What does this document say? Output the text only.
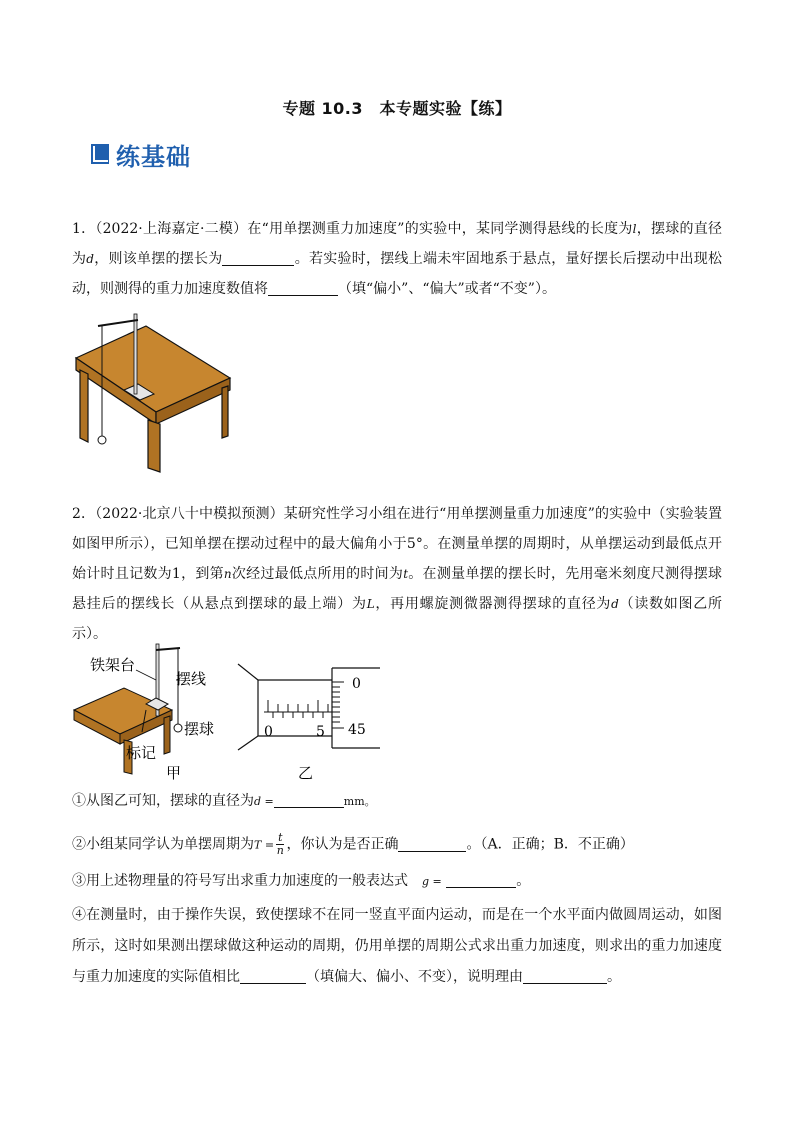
专题 10.3　本专题实验【练】
练基础
1．（2022·上海嘉定·二模）在“用单摆测重力加速度”的实验中，某同学测得悬线的长度为l，摆球的直径为d，则该单摆的摆长为	。若实验时，摆线上端未牢固地系于悬点，量好摆长后摆动中出现松动，则测得的重力加速度数值将	（填“偏小”、“偏大”或者“不变”）。
2．（2022·北京八十中模拟预测）某研究性学习小组在进行“用单摆测量重力加速度”的实验中（实验装置如图甲所示），已知单摆在摆动过程中的最大偏角小于5°。在测量单摆的周期时，从单摆运动到最低点开始计时且记数为1，到第n次经过最低点所用的时间为t。在测量单摆的摆长时，先用毫米刻度尺测得摆球悬挂后的摆线长（从悬点到摆球的最上端）为L，再用螺旋测微器测得摆球的直径为d（读数如图乙所示）。
铁架台
摆线
摆球
标记
甲
0	5
0
45
乙
①从图乙可知，摆球的直径为d =	mm。
②小组某同学认为单摆周期为$T = \frac{t}{n}$ ，你认为是否正确	。（A．正确；B．不正确）
③用上述物理量的符号写出求重力加速度的一般表达式　 g =	。
④在测量时，由于操作失误，致使摆球不在同一竖直平面内运动，而是在一个水平面内做圆周运动，如图所示，这时如果测出摆球做这种运动的周期，仍用单摆的周期公式求出重力加速度，则求出的重力加速度与重力加速度的实际值相比	（填偏大、偏小、不变），说明理由	。
